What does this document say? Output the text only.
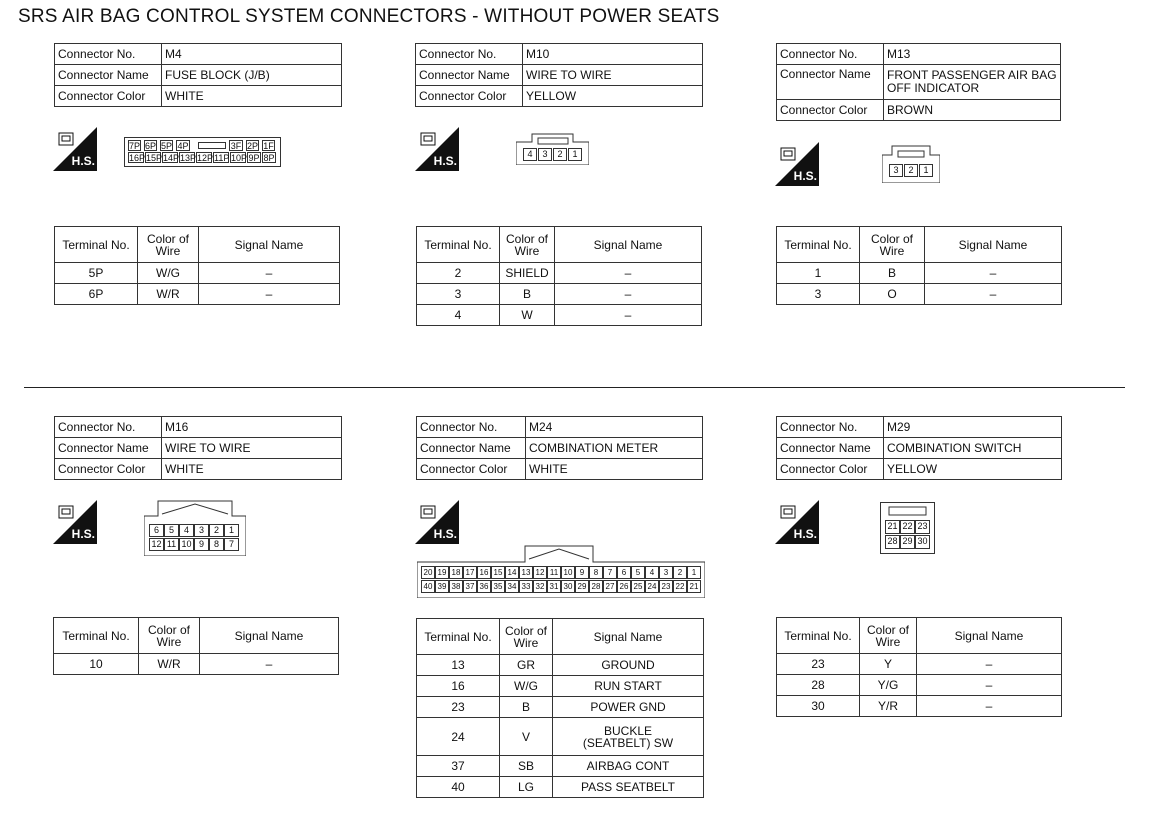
SRS AIR BAG CONTROL SYSTEM CONNECTORS - WITHOUT POWER SEATS
Connector No.	M4
Connector Name	FUSE BLOCK (J/B)
Connector Color	WHITE
H.S.
7P 6P 5P 4P	3F 2P 1F
16P 15P 14P 13P 12P 11P 10P 9P 8P
Terminal No.	Color of Wire	Signal Name
5P	W/G	–
6P	W/R	–
Connector No.	M10
Connector Name	WIRE TO WIRE
Connector Color	YELLOW
H.S.	4	3	2	1
Terminal No.	Color of Wire	Signal Name
2	SHIELD	–
3	B	–
4	W	–
Connector No.	M13
Connector Name	FRONT PASSENGER AIR BAG OFF INDICATOR
Connector Color	BROWN
H.S.	3	2	1
Terminal No.	Color of Wire	Signal Name
1	B	–
3	O	–
Connector No.	M16
Connector Name	WIRE TO WIRE
Connector Color	WHITE
H.S.	6	5	4	3	2	1
12 11 10 9	8	7
Terminal No.	Color of Wire	Signal Name
10	W/R	–
Connector No.	M24
Connector Name	COMBINATION METER
Connector Color	WHITE
H.S.
20 19 18 17 16 15 14 13 12 11 10 9	8	7	6	5	4	3	2	1
40 39 38 37 36 35 34 33 32 31 30 29 28 27 26 25 24 23 22 21
Terminal No.	Color of Wire	Signal Name
13	GR	GROUND
16	W/G	RUN START
23	B	POWER GND
24	V	BUCKLE (SEATBELT) SW
37	SB	AIRBAG CONT
40	LG	PASS SEATBELT
Connector No.	M29
Connector Name	COMBINATION SWITCH
Connector Color	YELLOW
H.S.
21 22 23
28 29 30
Terminal No.	Color of Wire	Signal Name
23	Y	–
28	Y/G	–
30	Y/R	–
